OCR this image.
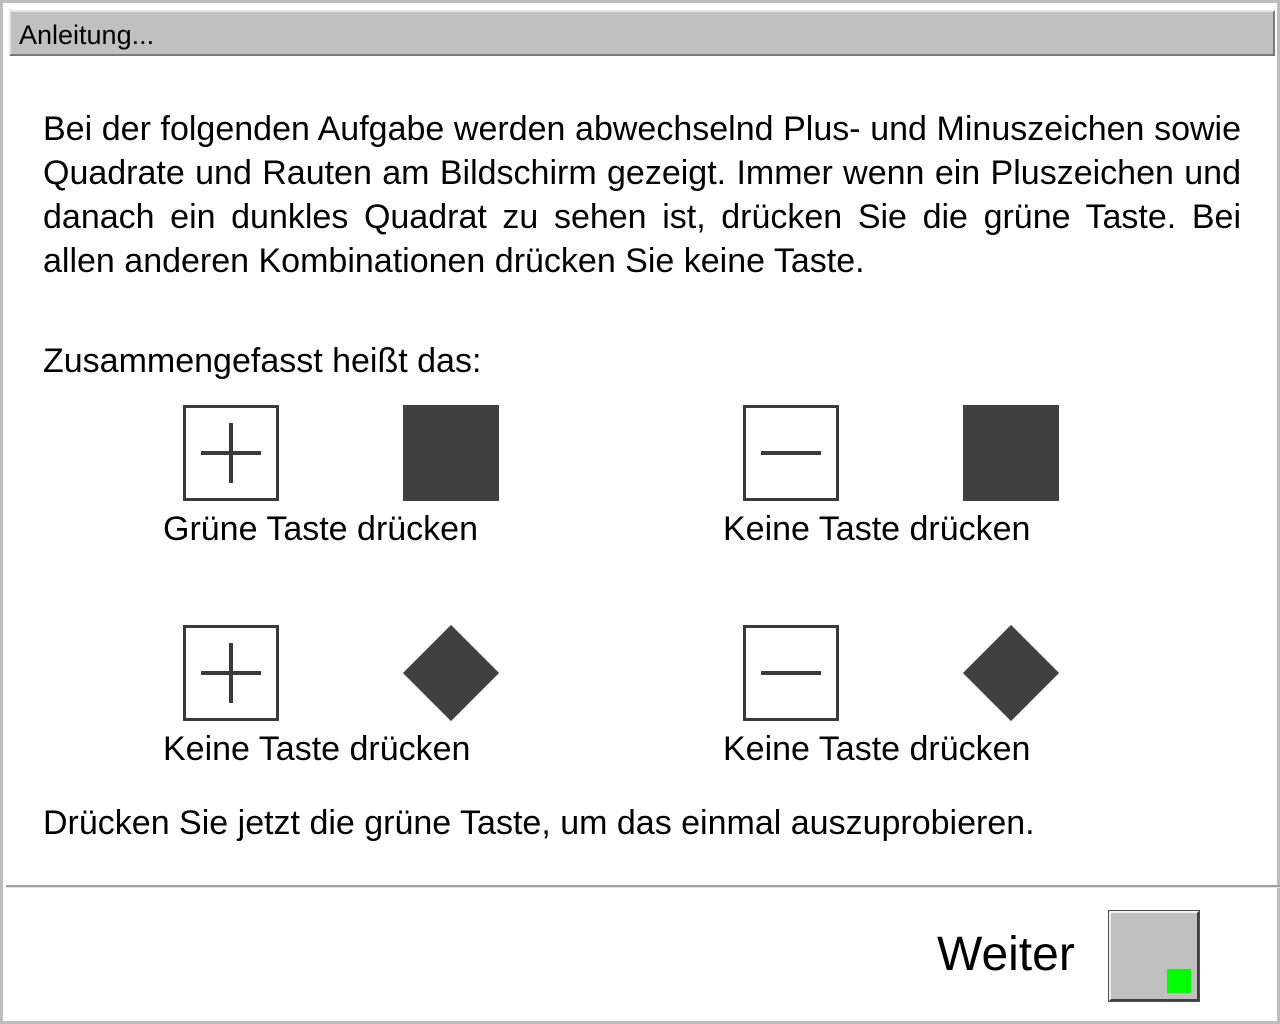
Anleitung...

Bei der folgenden Aufgabe werden abwechselnd Plus- und Minuszeichen sowie Quadrate und Rauten am Bildschirm gezeigt. Immer wenn ein Pluszeichen und danach ein dunkles Quadrat zu sehen ist, drücken Sie die grüne Taste. Bei allen anderen Kombinationen drücken Sie keine Taste.

Zusammengefasst heißt das:

Grüne Taste drücken	Keine Taste drücken
Keine Taste drücken	Keine Taste drücken

Drücken Sie jetzt die grüne Taste, um das einmal auszuprobieren.

Weiter
